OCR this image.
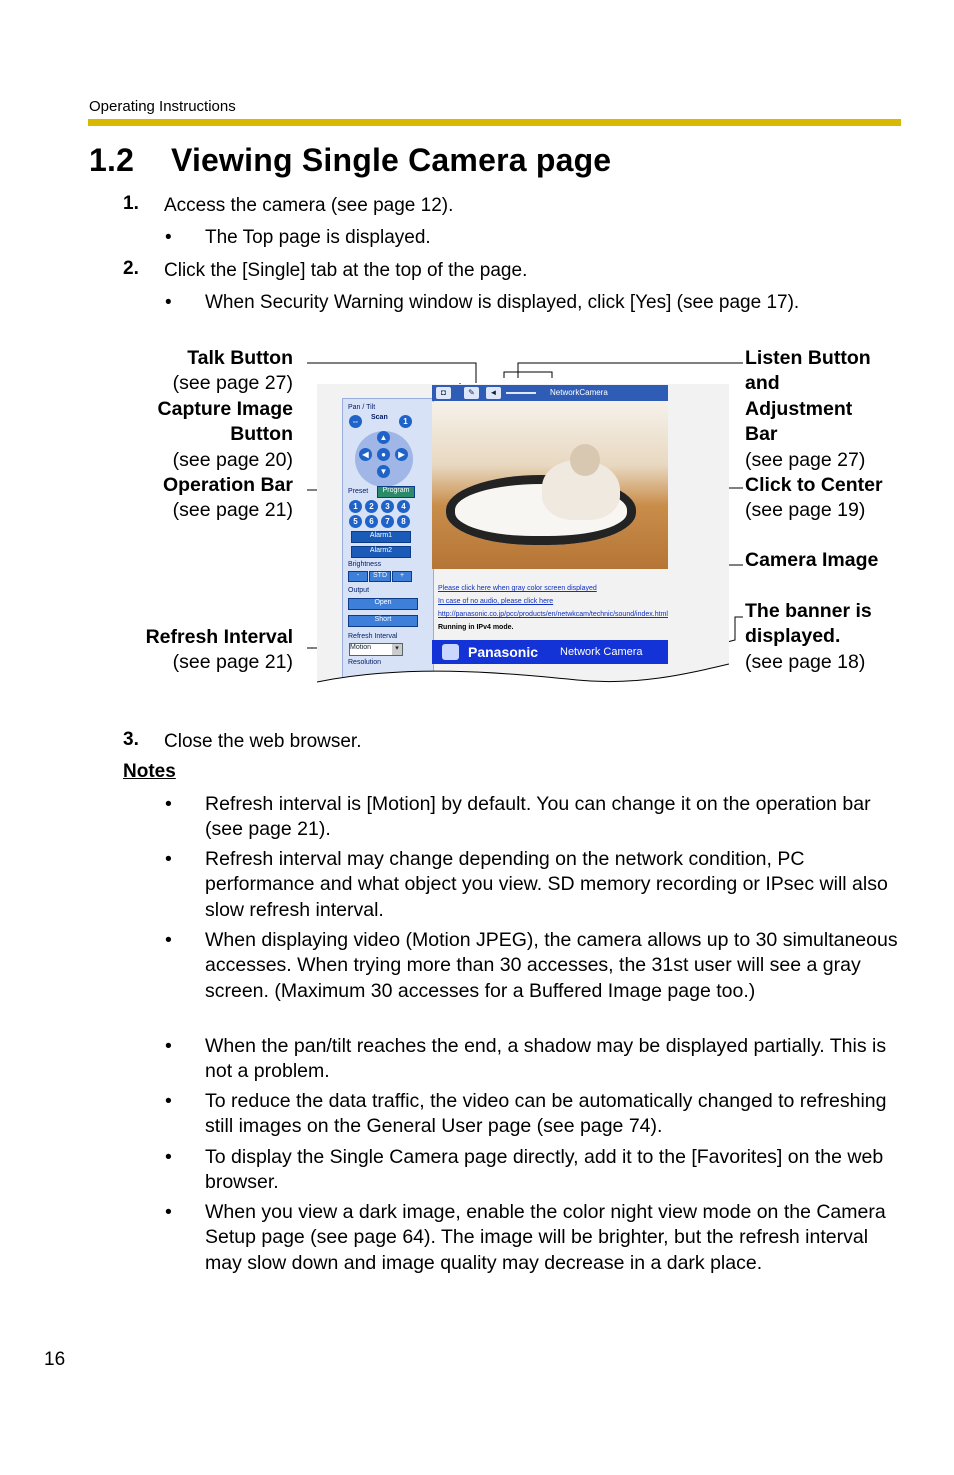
Operating Instructions
1.2 Viewing Single Camera page
1. Access the camera (see page 12).
• The Top page is displayed.
2. Click the [Single] tab at the top of the page.
• When Security Warning window is displayed, click [Yes] (see page 17).
Talk Button
(see page 27)
Capture Image
Button
(see page 20)
Operation Bar
(see page 21)
Refresh Interval
(see page 21)
Listen Button
and
Adjustment
Bar
(see page 27)
Click to Center
(see page 19)
Camera Image
The banner is
displayed.
(see page 18)
Pan / Tilt
⇔	Scan	1
▲
▼
◀	▶
●
Preset	Program
1	2	3	4
5	6	7	8
Alarm1
Alarm2
Brightness
-	STD	+
Output
Open
Short
Refresh Interval
Motion	▾
Resolution
◘	✎	◄	NetworkCamera
Please click here when gray color screen displayed
In case of no audio, please click here
http://panasonic.co.jp/pcc/products/en/netwkcam/technic/sound/index.html
Running in IPv4 mode.
Panasonic Network Camera
3. Close the web browser.
Notes
• Refresh interval is [Motion] by default. You can change it on the operation bar (see page 21).
• Refresh interval may change depending on the network condition, PC performance and what object you view. SD memory recording or IPsec will also slow refresh interval.
• When displaying video (Motion JPEG), the camera allows up to 30 simultaneous accesses. When trying more than 30 accesses, the 31st user will see a gray screen. (Maximum 30 accesses for a Buffered Image page too.)
• When the pan/tilt reaches the end, a shadow may be displayed partially. This is not a problem.
• To reduce the data traffic, the video can be automatically changed to refreshing still images on the General User page (see page 74).
• To display the Single Camera page directly, add it to the [Favorites] on the web browser.
• When you view a dark image, enable the color night view mode on the Camera Setup page (see page 64). The image will be brighter, but the refresh interval may slow down and image quality may decrease in a dark place.
16
